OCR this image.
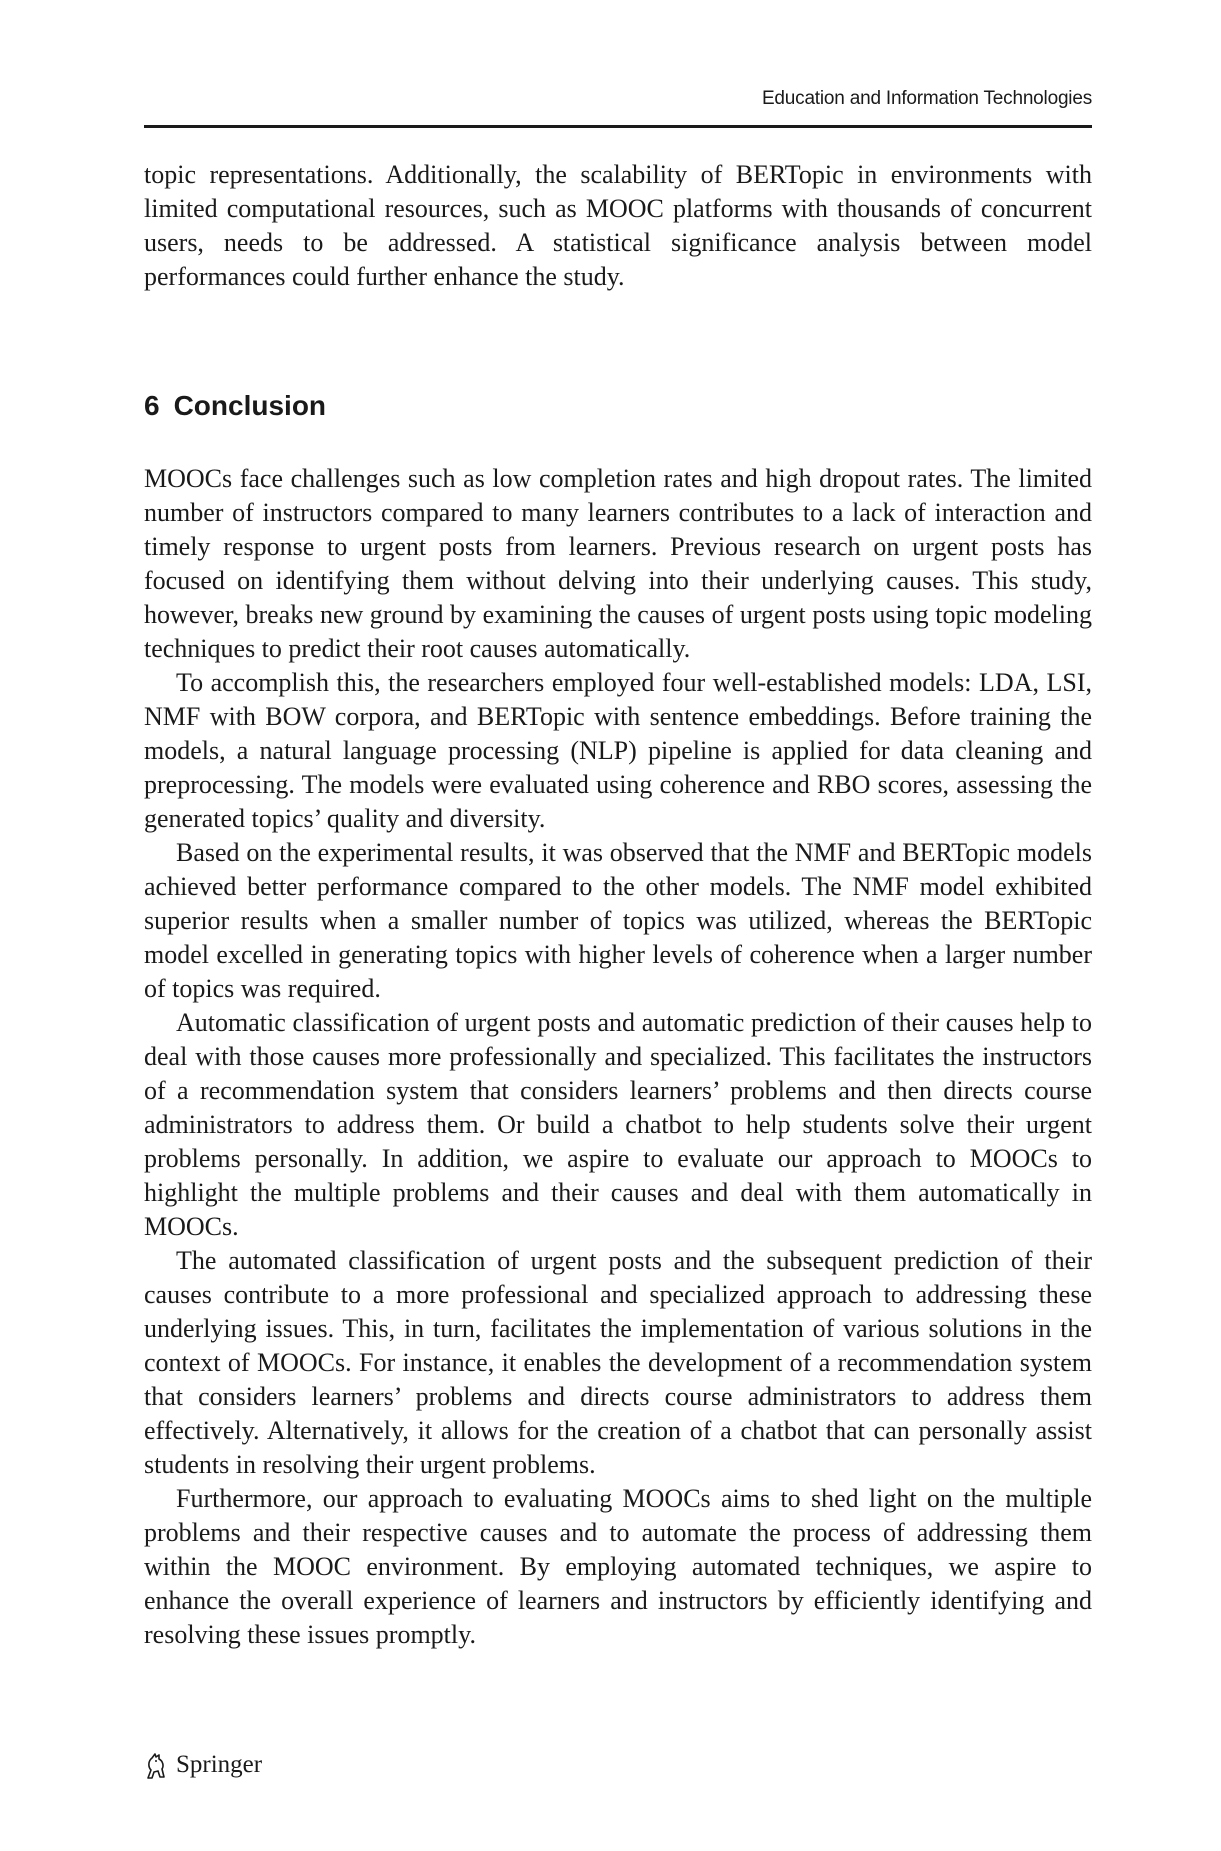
Education and Information Technologies

topic representations. Additionally, the scalability of BERTopic in environments with limited computational resources, such as MOOC platforms with thousands of concurrent users, needs to be addressed. A statistical significance analysis between model performances could further enhance the study.

6 Conclusion

MOOCs face challenges such as low completion rates and high dropout rates. The limited number of instructors compared to many learners contributes to a lack of interaction and timely response to urgent posts from learners. Previous research on urgent posts has focused on identifying them without delving into their underlying causes. This study, however, breaks new ground by examining the causes of urgent posts using topic modeling techniques to predict their root causes automatically.

To accomplish this, the researchers employed four well-established models: LDA, LSI, NMF with BOW corpora, and BERTopic with sentence embeddings. Before training the models, a natural language processing (NLP) pipeline is applied for data cleaning and preprocessing. The models were evaluated using coherence and RBO scores, assessing the generated topics’ quality and diversity.

Based on the experimental results, it was observed that the NMF and BERTopic models achieved better performance compared to the other models. The NMF model exhibited superior results when a smaller number of topics was utilized, whereas the BERTopic model excelled in generating topics with higher levels of coherence when a larger number of topics was required.

Automatic classification of urgent posts and automatic prediction of their causes help to deal with those causes more professionally and specialized. This facilitates the instructors of a recommendation system that considers learners’ problems and then directs course administrators to address them. Or build a chatbot to help students solve their urgent problems personally. In addition, we aspire to evaluate our approach to MOOCs to highlight the multiple problems and their causes and deal with them automatically in MOOCs.

The automated classification of urgent posts and the subsequent prediction of their causes contribute to a more professional and specialized approach to addressing these underlying issues. This, in turn, facilitates the implementation of various solutions in the context of MOOCs. For instance, it enables the development of a recommendation system that considers learners’ problems and directs course administrators to address them effectively. Alternatively, it allows for the creation of a chatbot that can personally assist students in resolving their urgent problems.

Furthermore, our approach to evaluating MOOCs aims to shed light on the multiple problems and their respective causes and to automate the process of addressing them within the MOOC environment. By employing automated techniques, we aspire to enhance the overall experience of learners and instructors by efficiently identifying and resolving these issues promptly.

Springer
